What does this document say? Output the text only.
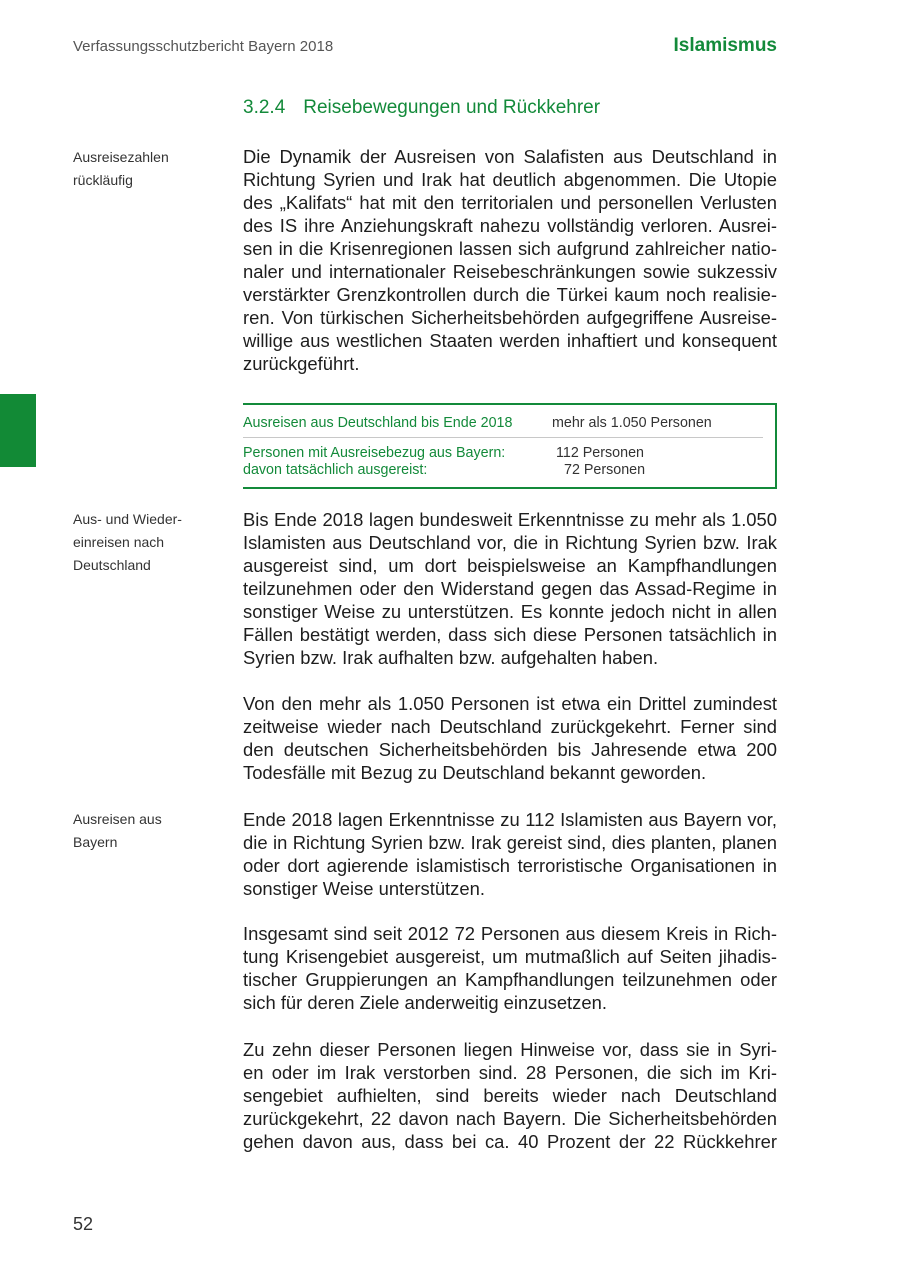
Verfassungsschutzbericht Bayern 2018	Islamismus
3.2.4 Reisebewegungen und Rückkehrer
Ausreisezahlen
rückläufig
Aus- und Wieder-
einreisen nach
Deutschland
Ausreisen aus
Bayern
Die Dynamik der Ausreisen von Salafisten aus Deutschland in
Richtung Syrien und Irak hat deutlich abgenommen. Die Utopie
des „Kalifats“ hat mit den territorialen und personellen Verlusten
des IS ihre Anziehungskraft nahezu vollständig verloren. Ausrei-
sen in die Krisenregionen lassen sich aufgrund zahlreicher natio-
naler und internationaler Reisebeschränkungen sowie sukzessiv
verstärkter Grenzkontrollen durch die Türkei kaum noch realisie-
ren. Von türkischen Sicherheitsbehörden aufgegriffene Ausreise-
willige aus westlichen Staaten werden inhaftiert und konsequent
zurückgeführt.
Ausreisen aus Deutschland bis Ende 2018	mehr als 1.050 Personen
Personen mit Ausreisebezug aus Bayern:	112 Personen
davon tatsächlich ausgereist:	72 Personen
Bis Ende 2018 lagen bundesweit Erkenntnisse zu mehr als 1.050
Islamisten aus Deutschland vor, die in Richtung Syrien bzw. Irak
ausgereist sind, um dort beispielsweise an Kampfhandlungen
teilzunehmen oder den Widerstand gegen das Assad-Regime in
sonstiger Weise zu unterstützen. Es konnte jedoch nicht in allen
Fällen bestätigt werden, dass sich diese Personen tatsächlich in
Syrien bzw. Irak aufhalten bzw. aufgehalten haben.
Von den mehr als 1.050 Personen ist etwa ein Drittel zumindest
zeitweise wieder nach Deutschland zurückgekehrt. Ferner sind
den deutschen Sicherheitsbehörden bis Jahresende etwa 200
Todesfälle mit Bezug zu Deutschland bekannt geworden.
Ende 2018 lagen Erkenntnisse zu 112 Islamisten aus Bayern vor,
die in Richtung Syrien bzw. Irak gereist sind, dies planten, planen
oder dort agierende islamistisch terroristische Organisationen in
sonstiger Weise unterstützen.
Insgesamt sind seit 2012 72 Personen aus diesem Kreis in Rich-
tung Krisengebiet ausgereist, um mutmaßlich auf Seiten jihadis-
tischer Gruppierungen an Kampfhandlungen teilzunehmen oder
sich für deren Ziele anderweitig einzusetzen.
Zu zehn dieser Personen liegen Hinweise vor, dass sie in Syri-
en oder im Irak verstorben sind. 28 Personen, die sich im Kri-
sengebiet aufhielten, sind bereits wieder nach Deutschland
zurückgekehrt, 22 davon nach Bayern. Die Sicherheitsbehörden
gehen davon aus, dass bei ca. 40 Prozent der 22 Rückkehrer
52
